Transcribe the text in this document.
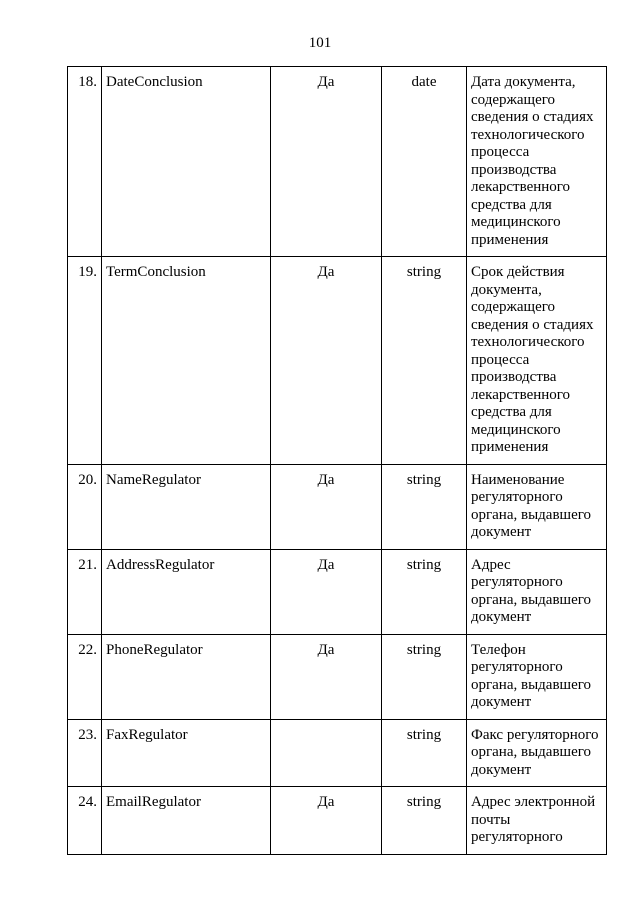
101
18.	DateConclusion	Да	date	Дата документа, содержащего сведения о стадиях технологического процесса производства лекарственного средства для медицинского применения
19.	TermConclusion	Да	string	Срок действия документа, содержащего сведения о стадиях технологического процесса производства лекарственного средства для медицинского применения
20.	NameRegulator	Да	string	Наименование регуляторного органа, выдавшего документ
21.	AddressRegulator	Да	string	Адрес регуляторного органа, выдавшего документ
22.	PhoneRegulator	Да	string	Телефон регуляторного органа, выдавшего документ
23.	FaxRegulator		string	Факс регуляторного органа, выдавшего документ
24.	EmailRegulator	Да	string	Адрес электронной почты регуляторного
